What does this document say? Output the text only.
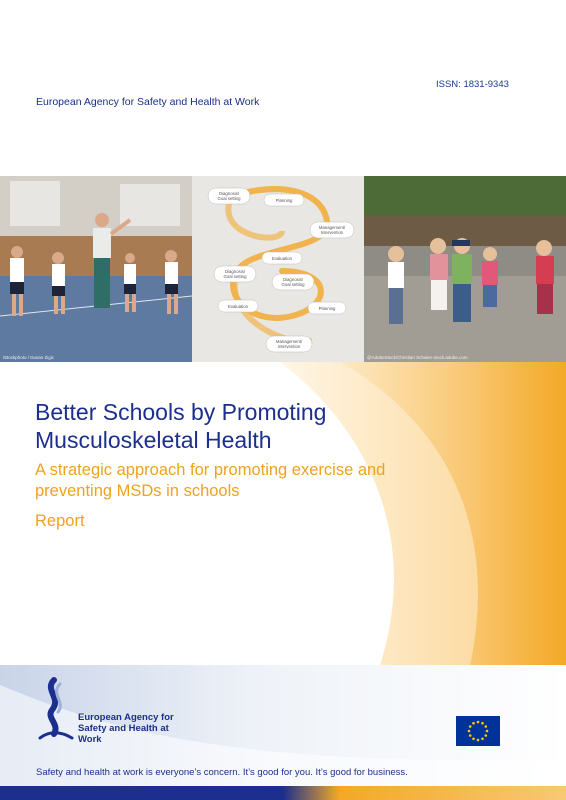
ISSN: 1831-9343
European Agency for Safety and Health at Work
iStockphoto / Dusan Zigic
Diagnosis/ Goal setting	Planning
Management/ Intervention
Evaluation
Diagnosis/ Goal setting
Diagnosis/ Goal setting
Evaluation	Planning
Management/ Intervention
@AdobeStock/Christian Schwier-stock.adobe.com
Better Schools by Promoting Musculoskeletal Health
A strategic approach for promoting exercise and preventing MSDs in schools
Report
European Agency for Safety and Health at Work
Safety and health at work is everyone’s concern. It’s good for you. It’s good for business.
